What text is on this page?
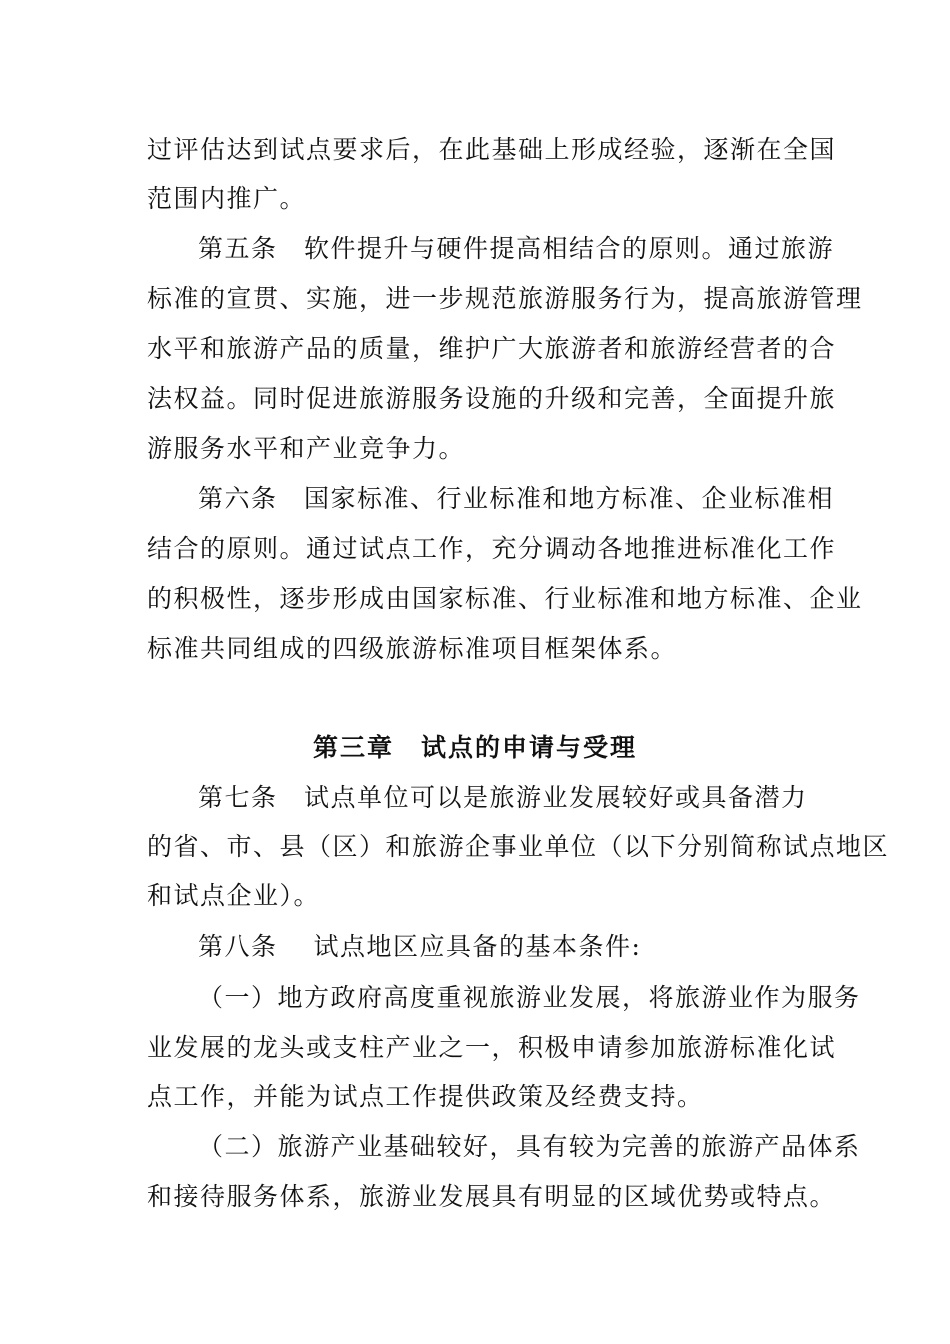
过评估达到试点要求后，在此基础上形成经验，逐渐在全国
范围内推广。
第五条　软件提升与硬件提高相结合的原则。通过旅游
标准的宣贯、实施，进一步规范旅游服务行为，提高旅游管理
水平和旅游产品的质量，维护广大旅游者和旅游经营者的合
法权益。同时促进旅游服务设施的升级和完善，全面提升旅
游服务水平和产业竞争力。
第六条　国家标准、行业标准和地方标准、企业标准相
结合的原则。通过试点工作，充分调动各地推进标准化工作
的积极性，逐步形成由国家标准、行业标准和地方标准、企业
标准共同组成的四级旅游标准项目框架体系。
第三章　试点的申请与受理
第七条　试点单位可以是旅游业发展较好或具备潜力
的省、市、县（区）和旅游企事业单位（以下分别简称试点地区
和试点企业）。
第八条　 试点地区应具备的基本条件:
（一）地方政府高度重视旅游业发展，将旅游业作为服务
业发展的龙头或支柱产业之一，积极申请参加旅游标准化试
点工作，并能为试点工作提供政策及经费支持。
（二）旅游产业基础较好，具有较为完善的旅游产品体系
和接待服务体系，旅游业发展具有明显的区域优势或特点。
